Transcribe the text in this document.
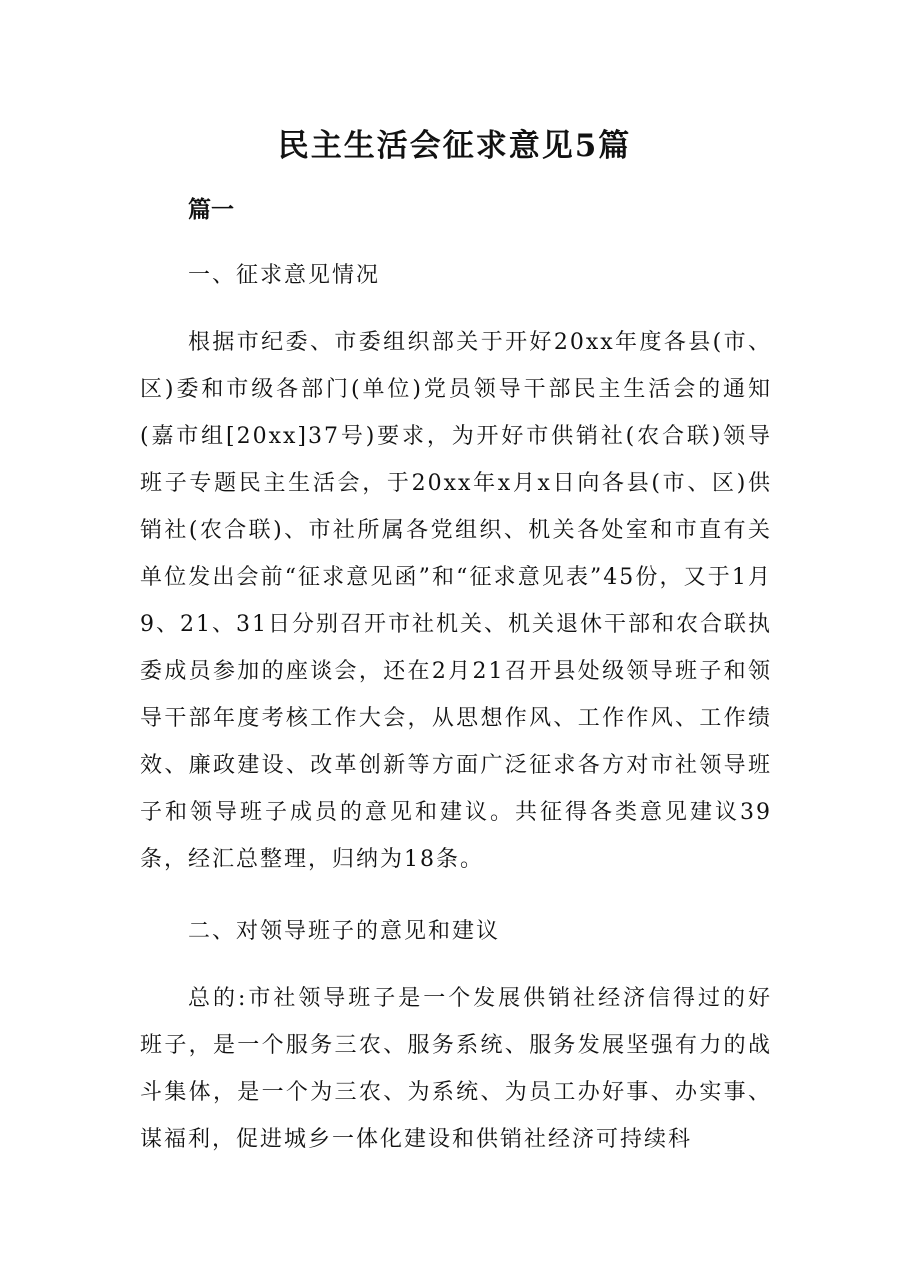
民主生活会征求意见5篇
篇一

一、征求意见情况

根据市纪委、市委组织部关于开好20xx年度各县(市、区)委和市级各部门(单位)党员领导干部民主生活会的通知(嘉市组[20xx]37号)要求，为开好市供销社(农合联)领导班子专题民主生活会，于20xx年x月x日向各县(市、区)供销社(农合联)、市社所属各党组织、机关各处室和市直有关单位发出会前“征求意见函”和“征求意见表”45份，又于1月9、21、31日分别召开市社机关、机关退休干部和农合联执委成员参加的座谈会，还在2月21召开县处级领导班子和领导干部年度考核工作大会，从思想作风、工作作风、工作绩效、廉政建设、改革创新等方面广泛征求各方对市社领导班子和领导班子成员的意见和建议。共征得各类意见建议39条，经汇总整理，归纳为18条。

二、对领导班子的意见和建议

总的:市社领导班子是一个发展供销社经济信得过的好班子，是一个服务三农、服务系统、服务发展坚强有力的战斗集体，是一个为三农、为系统、为员工办好事、办实事、谋福利，促进城乡一体化建设和供销社经济可持续科
